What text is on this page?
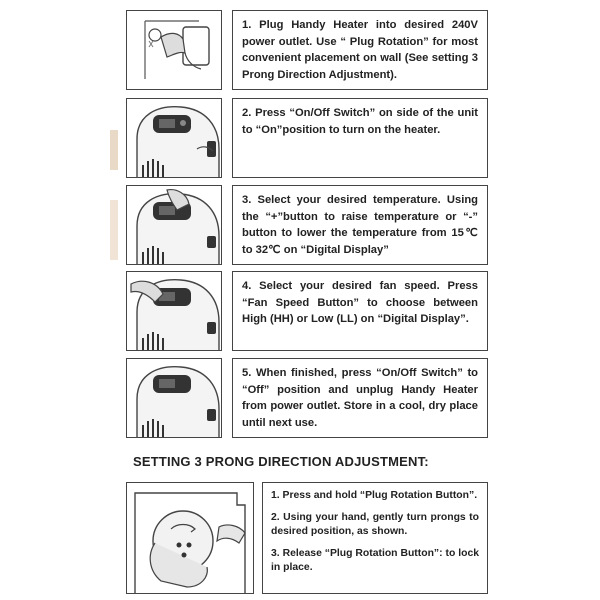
1. Plug Handy Heater into desired 240V power outlet. Use “ Plug Rotation” for most convenient placement on wall (See setting 3 Prong Direction Adjustment).
2. Press “On/Off Switch” on side of the unit to “On”position to turn on the heater.
3. Select your desired temperature. Using the “+”button to raise temperature or “-” button to lower the temperature from 15℃ to 32℃ on “Digital Display”
4. Select your desired fan speed. Press “Fan Speed Button” to choose between High (HH) or Low (LL) on “Digital Display”.
5. When finished, press “On/Off Switch” to “Off” position and unplug Handy Heater from power outlet. Store in a cool, dry place until next use.
SETTING 3 PRONG DIRECTION ADJUSTMENT:

1. Press and hold “Plug Rotation Button”.

2. Using your hand, gently turn prongs to desired position, as shown.

3. Release “Plug Rotation Button”: to lock in place.
